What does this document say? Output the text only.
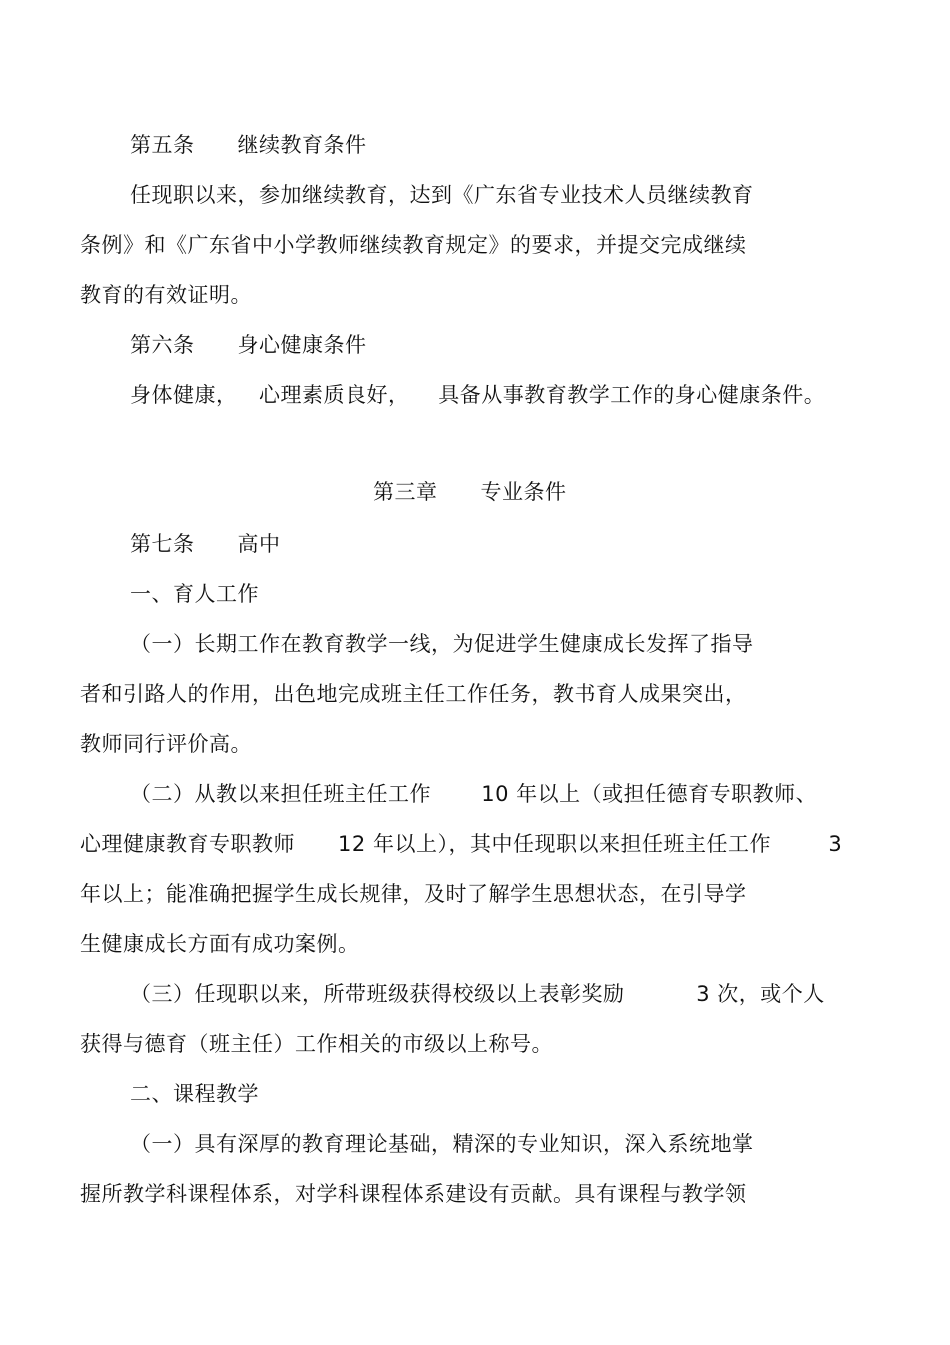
第五条      继续教育条件
任现职以来，参加继续教育，达到《广东省专业技术人员继续教育
条例》和《广东省中小学教师继续教育规定》的要求，并提交完成继续
教育的有效证明。
第六条      身心健康条件
身体健康，   心理素质良好，    具备从事教育教学工作的身心健康条件。
第三章      专业条件
第七条      高中
一、育人工作
（一）长期工作在教育教学一线，为促进学生健康成长发挥了指导
者和引路人的作用，出色地完成班主任工作任务，教书育人成果突出，
教师同行评价高。
（二）从教以来担任班主任工作       10 年以上（或担任德育专职教师、
心理健康教育专职教师      12 年以上），其中任现职以来担任班主任工作        3
年以上；能准确把握学生成长规律，及时了解学生思想状态，在引导学
生健康成长方面有成功案例。
（三）任现职以来，所带班级获得校级以上表彰奖励          3 次，或个人
获得与德育（班主任）工作相关的市级以上称号。
二、课程教学
（一）具有深厚的教育理论基础，精深的专业知识，深入系统地掌
握所教学科课程体系，对学科课程体系建设有贡献。具有课程与教学领
